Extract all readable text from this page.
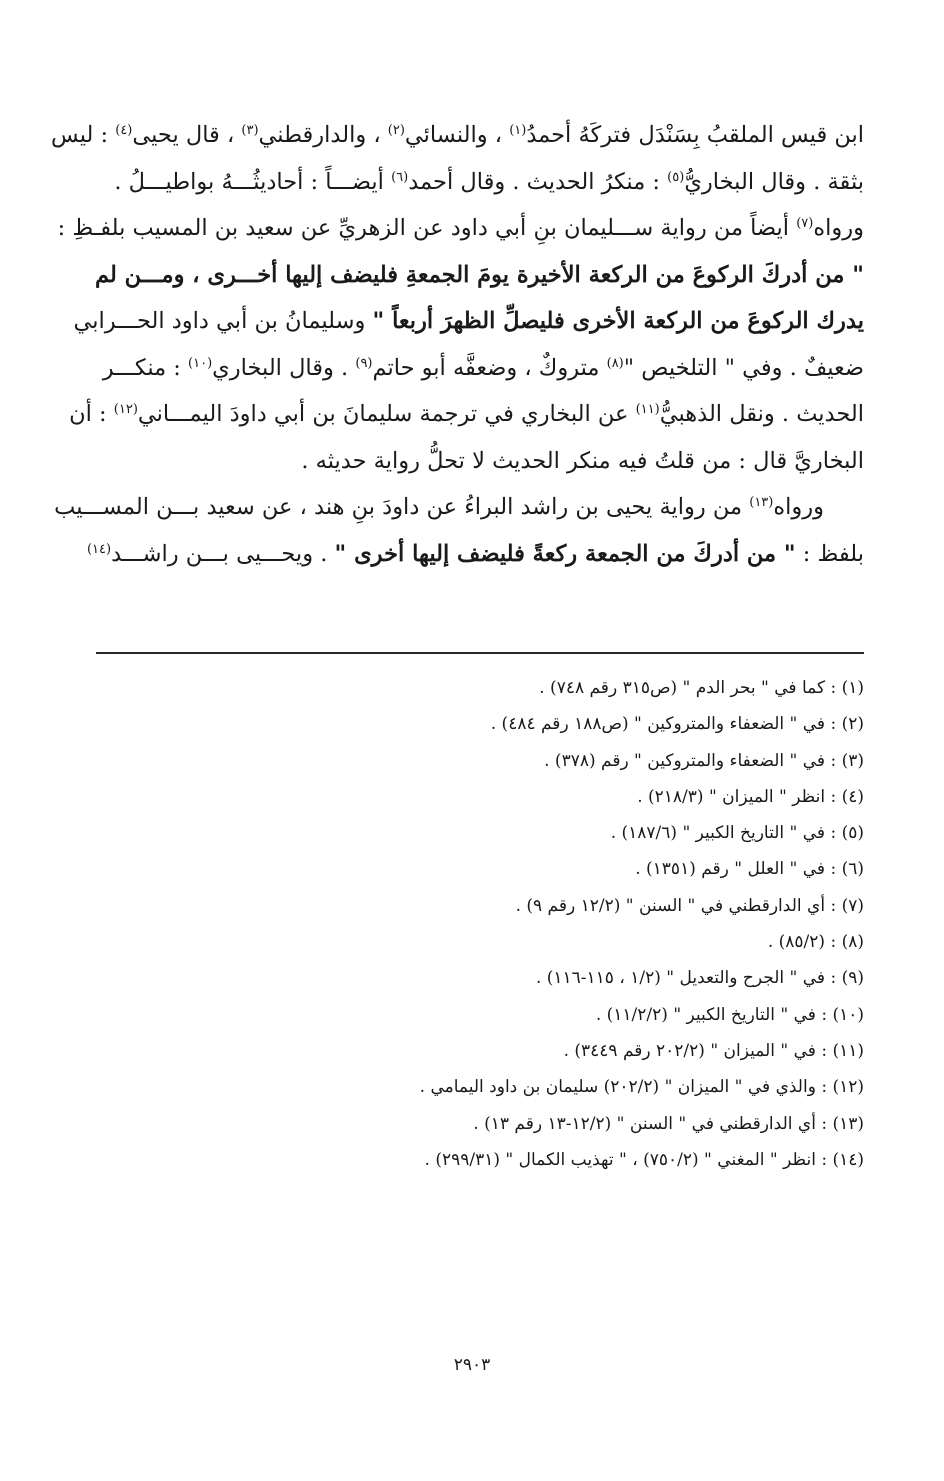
ابن قيس الملقبُ بِسَنْدَل فتركَهُ أحمدُ$^{(١)}$ ، والنسائي$^{(٢)}$ ، والدارقطني$^{(٣)}$ ، قال يحيى$^{(٤)}$ : ليس

بثقة . وقال البخاريُّ$^{(٥)}$ : منكرُ الحديث . وقال أحمد$^{(٦)}$ أيضـــاً : أحاديثُـــهُ بواطيـــلُ .

ورواه$^{(٧)}$ أيضاً من رواية ســـليمان بنِ أبي داود عن الزهريِّ عن سعيد بن المسيب بلفـظِ :

" من أدركَ الركوعَ من الركعة الأخيرة يومَ الجمعةِ فليضف إليها أخـــرى ، ومـــن لم

يدرك الركوعَ من الركعة الأخرى فليصلِّ الظهرَ أربعاً " وسليمانُ بن أبي داود الحـــرابي

ضعيفٌ . وفي " التلخيص "$^{(٨)}$ متروكٌ ، وضعفَّه أبو حاتم$^{(٩)}$ . وقال البخاري$^{(١٠)}$ : منكـــر

الحديث . ونقل الذهبيُّ$^{(١١)}$ عن البخاري في ترجمة سليمانَ بن أبي داودَ اليمـــاني$^{(١٢)}$ : أن

البخاريَّ قال : من قلتُ فيه منكر الحديث لا تحلُّ رواية حديثه .

ورواه$^{(١٣)}$ من رواية يحيى بن راشد البراءُ عن داودَ بنِ هند ، عن سعيد بـــن المســـيب

بلفظ : " من أدركَ من الجمعة ركعةً فليضف إليها أخرى " . ويحـــيى بـــن راشـــد$^{(١٤)}$

(١) : كما في " بحر الدم " (ص٣١٥ رقم ٧٤٨) .
(٢) : في " الضعفاء والمتروكين " (ص١٨٨ رقم ٤٨٤) .
(٣) : في " الضعفاء والمتروكين " رقم (٣٧٨) .
(٤) : انظر " الميزان " (٢١٨/٣) .
(٥) : في " التاريخ الكبير " (١٨٧/٦) .
(٦) : في " العلل " رقم (١٣٥١) .
(٧) : أي الدارقطني في " السنن " (١٢/٢ رقم ٩) .
(٨) : (٨٥/٢) .
(٩) : في " الجرح والتعديل " (١/٢ ، ١١٥-١١٦) .
(١٠) : في " التاريخ الكبير " (١١/٢/٢) .
(١١) : في " الميزان " (٢٠٢/٢ رقم ٣٤٤٩) .
(١٢) : والذي في " الميزان " (٢٠٢/٢) سليمان بن داود اليمامي .
(١٣) : أي الدارقطني في " السنن " (١٢/٢-١٣ رقم ١٣) .
(١٤) : انظر " المغني " (٧٥٠/٢) ، " تهذيب الكمال " (٢٩٩/٣١) .
٢٩٠٣
